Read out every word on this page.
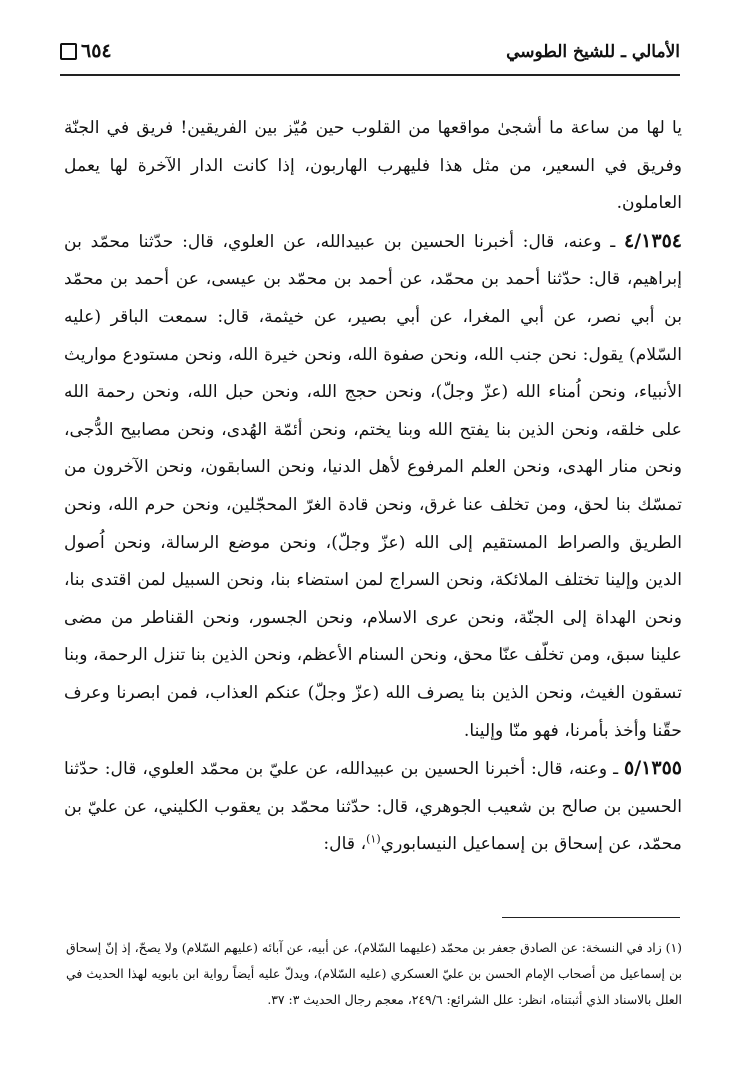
الأمالي ـ للشيخ الطوسي
٦٥٤

يا لها من ساعة ما أشجىٰ مواقعها من القلوب حين مُيّز بين الفريقين! فريق في الجنّة وفريق في السعير، من مثل هذا فليهرب الهاربون، إذا كانت الدار الآخرة لها يعمل العاملون.

٤/١٣٥٤ ـ وعنه، قال: أخبرنا الحسين بن عبيدالله، عن العلوي، قال: حدّثنا محمّد بن إبراهيم، قال: حدّثنا أحمد بن محمّد، عن أحمد بن محمّد بن عيسى، عن أحمد بن محمّد بن أبي نصر، عن أبي المغرا، عن أبي بصير، عن خيثمة، قال: سمعت الباقر (عليه السّلام) يقول: نحن جنب الله، ونحن صفوة الله، ونحن خيرة الله، ونحن مستودع مواريث الأنبياء، ونحن اُمناء الله (عزّ وجلّ)، ونحن حجج الله، ونحن حبل الله، ونحن رحمة الله على خلقه، ونحن الذين بنا يفتح الله وبنا يختم، ونحن أئمّة الهُدى، ونحن مصابيح الدُّجى، ونحن منار الهدى، ونحن العلم المرفوع لأهل الدنيا، ونحن السابقون، ونحن الآخرون من تمسّك بنا لحق، ومن تخلف عنا غرق، ونحن قادة الغرّ المحجّلين، ونحن حرم الله، ونحن الطريق والصراط المستقيم إلى الله (عزّ وجلّ)، ونحن موضع الرسالة، ونحن اُصول الدين وإلينا تختلف الملائكة، ونحن السراج لمن استضاء بنا، ونحن السبيل لمن اقتدى بنا، ونحن الهداة إلى الجنّة، ونحن عرى الاسلام، ونحن الجسور، ونحن القناطر من مضى علينا سبق، ومن تخلّف عنّا محق، ونحن السنام الأعظم، ونحن الذين بنا تنزل الرحمة، وبنا تسقون الغيث، ونحن الذين بنا يصرف الله (عزّ وجلّ) عنكم العذاب، فمن ابصرنا وعرف حقّنا وأخذ بأمرنا، فهو منّا وإلينا.

٥/١٣٥٥ ـ وعنه، قال: أخبرنا الحسين بن عبيدالله، عن عليّ بن محمّد العلوي، قال: حدّثنا الحسين بن صالح بن شعيب الجوهري، قال: حدّثنا محمّد بن يعقوب الكليني، عن عليّ بن محمّد، عن إسحاق بن إسماعيل النيسابوري$^{(١)}$، قال:

(١) زاد في النسخة: عن الصادق جعفر بن محمّد (عليهما السّلام)، عن أبيه، عن آبائه (عليهم السّلام) ولا يصحّ، إذ إنّ إسحاق بن إسماعيل من أصحاب الإمام الحسن بن عليّ العسكري (عليه السّلام)، ويدلّ عليه أيضاً رواية ابن بابويه لهذا الحديث في العلل بالاسناد الذي أثبتناه، انظر: علل الشرائع: ٢٤٩/٦، معجم رجال الحديث ٣: ٣٧.
